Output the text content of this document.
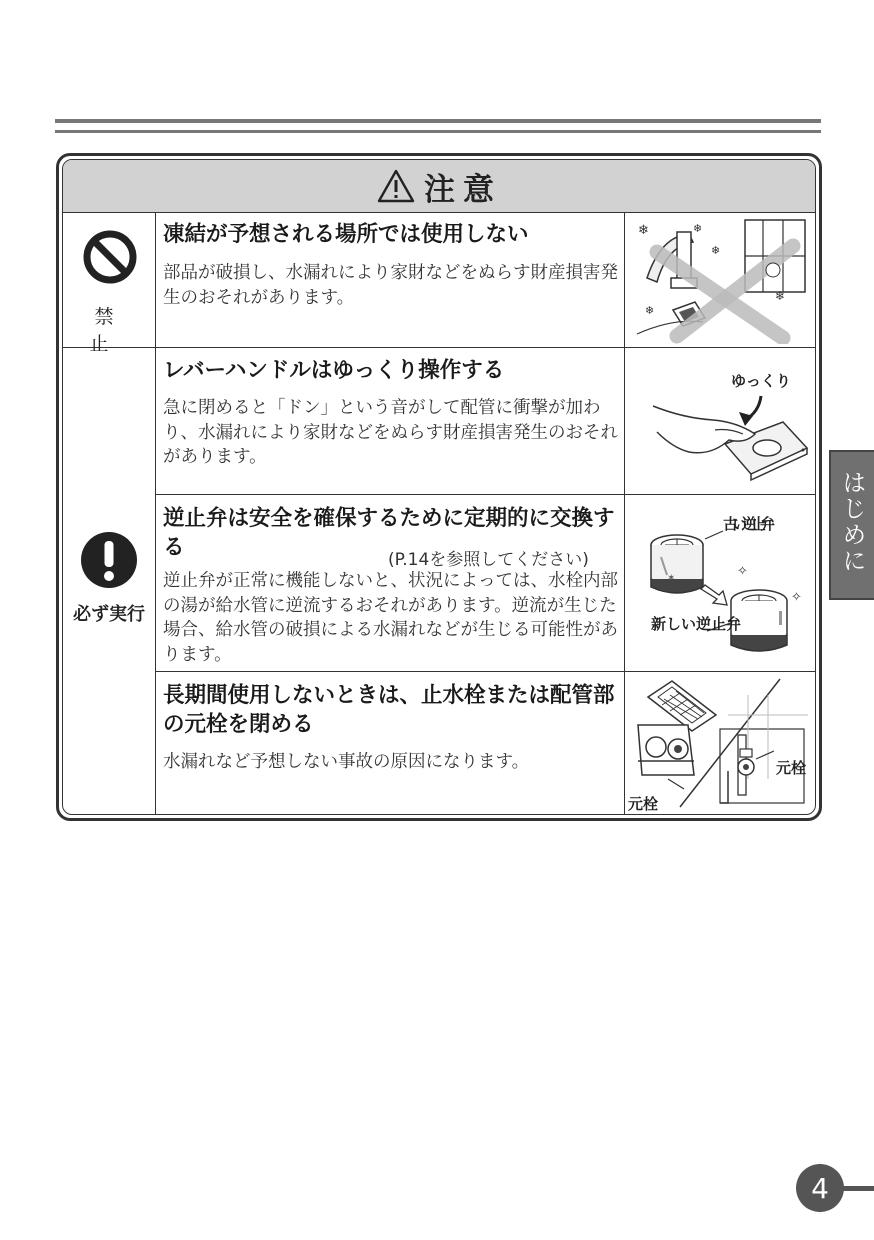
注意
禁止
必ず実行
凍結が予想される場所では使用しない
部品が破損し、水漏れにより家財などをぬらす財産損害発生のおそれがあります。
レバーハンドルはゆっくり操作する
急に閉めると「ドン」という音がして配管に衝撃が加わり、水漏れにより家財などをぬらす財産損害発生のおそれがあります。
逆止弁は安全を確保するために定期的に交換する	(P.14を参照してください)
逆止弁が正常に機能しないと、状況によっては、水栓内部の湯が給水管に逆流するおそれがあります。逆流が生じた場合、給水管の破損による水漏れなどが生じる可能性があります。
長期間使用しないときは、止水栓または配管部の元栓を閉める
水漏れなど予想しない事故の原因になります。
❄	❄
❄
❄
❄
ゆっくり
✶
古い逆止弁
✧
✧
新しい逆止弁
元栓
元栓
はじめに
4
